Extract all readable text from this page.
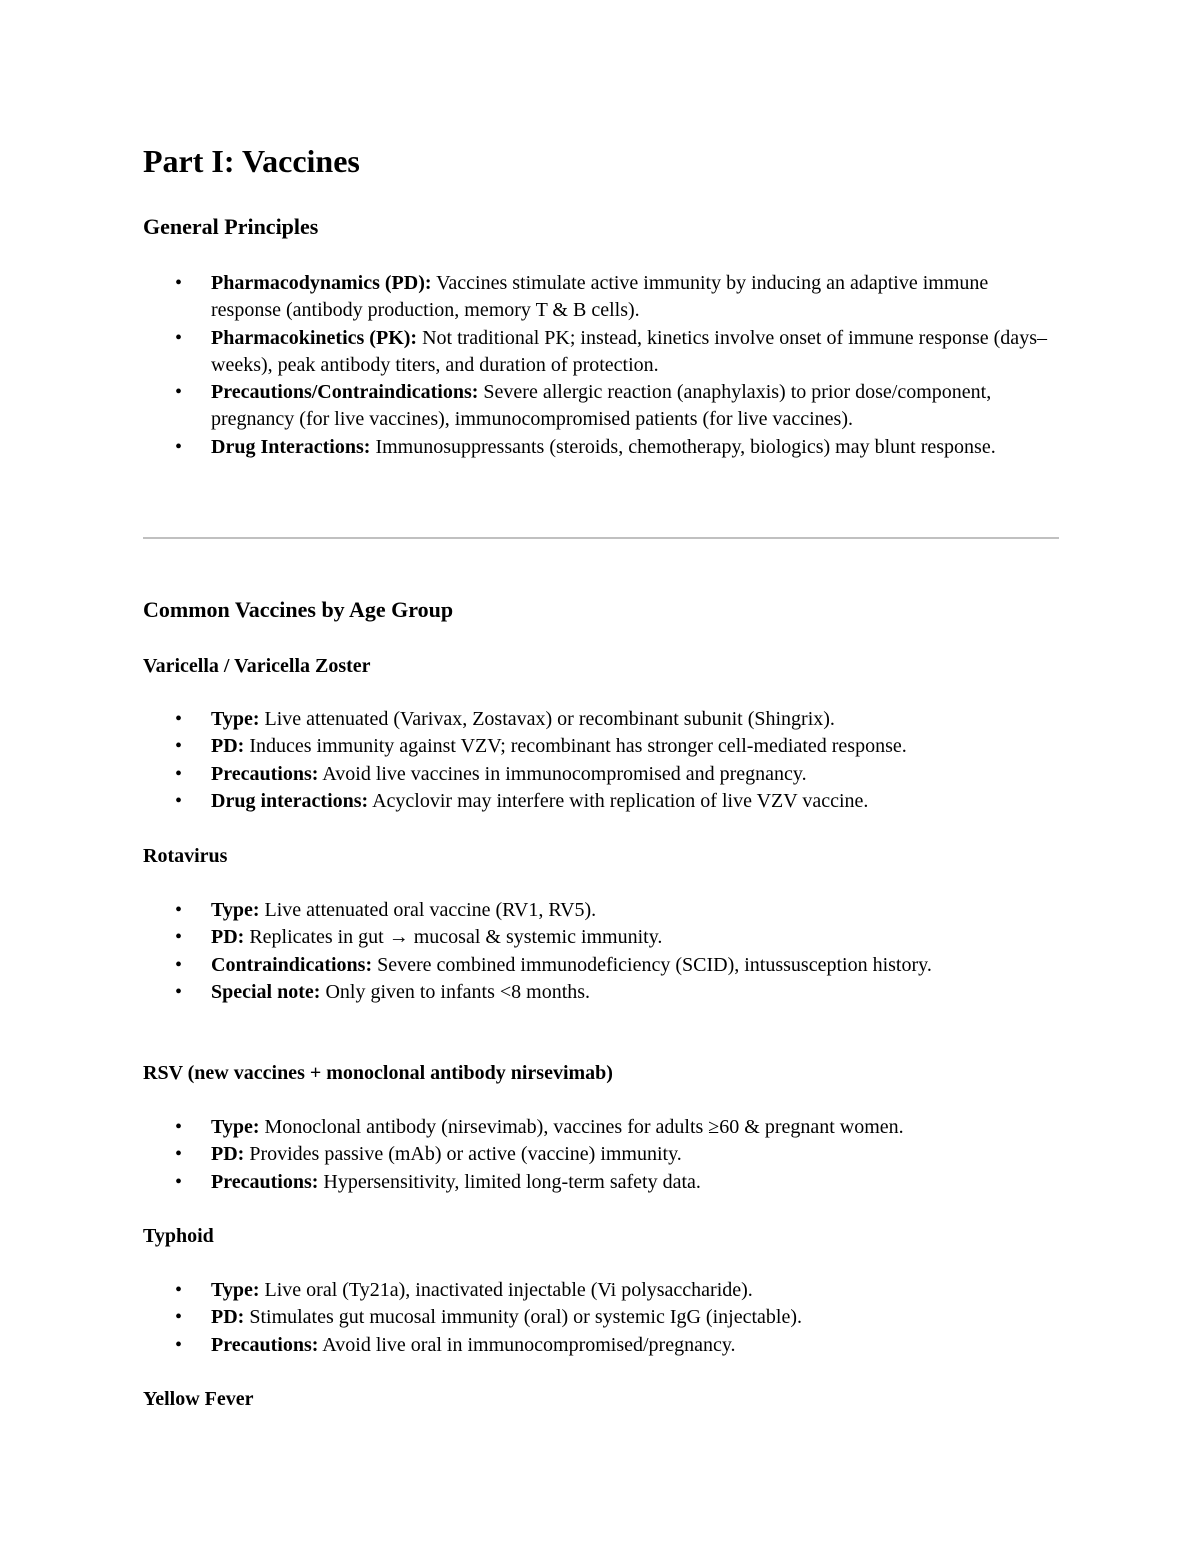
Part I: Vaccines
General Principles
• Pharmacodynamics (PD): Vaccines stimulate active immunity by inducing an adaptive immune response (antibody production, memory T & B cells).
• Pharmacokinetics (PK): Not traditional PK; instead, kinetics involve onset of immune response (days–weeks), peak antibody titers, and duration of protection.
• Precautions/Contraindications: Severe allergic reaction (anaphylaxis) to prior dose/component, pregnancy (for live vaccines), immunocompromised patients (for live vaccines).
• Drug Interactions: Immunosuppressants (steroids, chemotherapy, biologics) may blunt response.
Common Vaccines by Age Group
Varicella / Varicella Zoster
• Type: Live attenuated (Varivax, Zostavax) or recombinant subunit (Shingrix).
• PD: Induces immunity against VZV; recombinant has stronger cell-mediated response.
• Precautions: Avoid live vaccines in immunocompromised and pregnancy.
• Drug interactions: Acyclovir may interfere with replication of live VZV vaccine.
Rotavirus
• Type: Live attenuated oral vaccine (RV1, RV5).
• PD: Replicates in gut → mucosal & systemic immunity.
• Contraindications: Severe combined immunodeficiency (SCID), intussusception history.
• Special note: Only given to infants <8 months.
RSV (new vaccines + monoclonal antibody nirsevimab)
• Type: Monoclonal antibody (nirsevimab), vaccines for adults ≥60 & pregnant women.
• PD: Provides passive (mAb) or active (vaccine) immunity.
• Precautions: Hypersensitivity, limited long-term safety data.
Typhoid
• Type: Live oral (Ty21a), inactivated injectable (Vi polysaccharide).
• PD: Stimulates gut mucosal immunity (oral) or systemic IgG (injectable).
• Precautions: Avoid live oral in immunocompromised/pregnancy.
Yellow Fever
